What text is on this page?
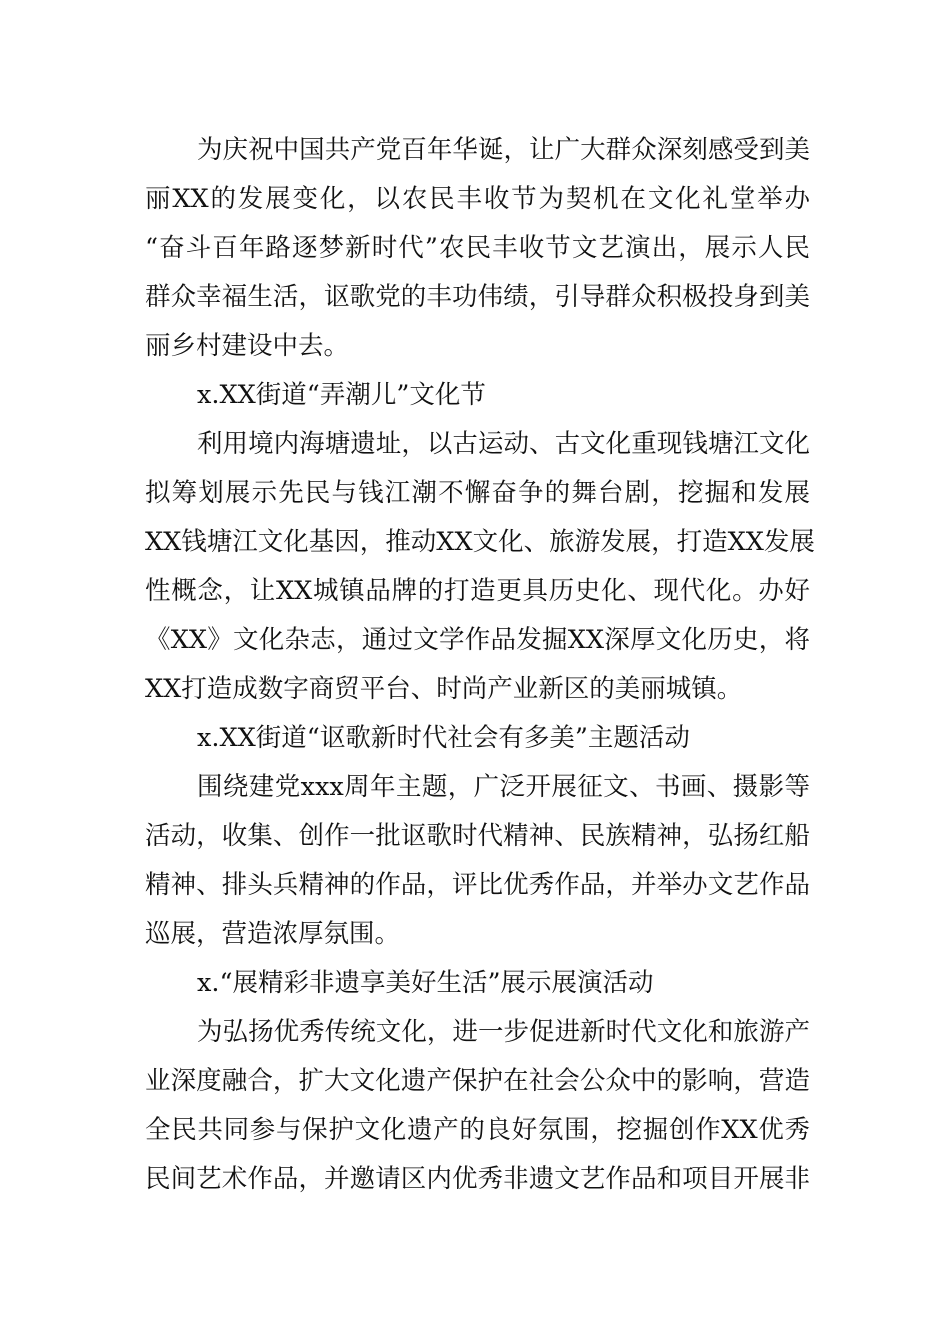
为庆祝中国共产党百年华诞，让广大群众深刻感受到美
丽XX的发展变化，以农民丰收节为契机在文化礼堂举办
“奋斗百年路逐梦新时代”农民丰收节文艺演出，展示人民
群众幸福生活，讴歌党的丰功伟绩，引导群众积极投身到美
丽乡村建设中去。
x.XX街道“弄潮儿”文化节
利用境内海塘遗址，以古运动、古文化重现钱塘江文化
拟筹划展示先民与钱江潮不懈奋争的舞台剧，挖掘和发展
XX钱塘江文化基因，推动XX文化、旅游发展，打造XX发展
性概念，让XX城镇品牌的打造更具历史化、现代化。办好
《XX》文化杂志，通过文学作品发掘XX深厚文化历史，将
XX打造成数字商贸平台、时尚产业新区的美丽城镇。
x.XX街道“讴歌新时代社会有多美”主题活动
围绕建党xxx周年主题，广泛开展征文、书画、摄影等
活动，收集、创作一批讴歌时代精神、民族精神，弘扬红船
精神、排头兵精神的作品，评比优秀作品，并举办文艺作品
巡展，营造浓厚氛围。
x.“展精彩非遗享美好生活”展示展演活动
为弘扬优秀传统文化，进一步促进新时代文化和旅游产
业深度融合，扩大文化遗产保护在社会公众中的影响，营造
全民共同参与保护文化遗产的良好氛围，挖掘创作XX优秀
民间艺术作品，并邀请区内优秀非遗文艺作品和项目开展非
